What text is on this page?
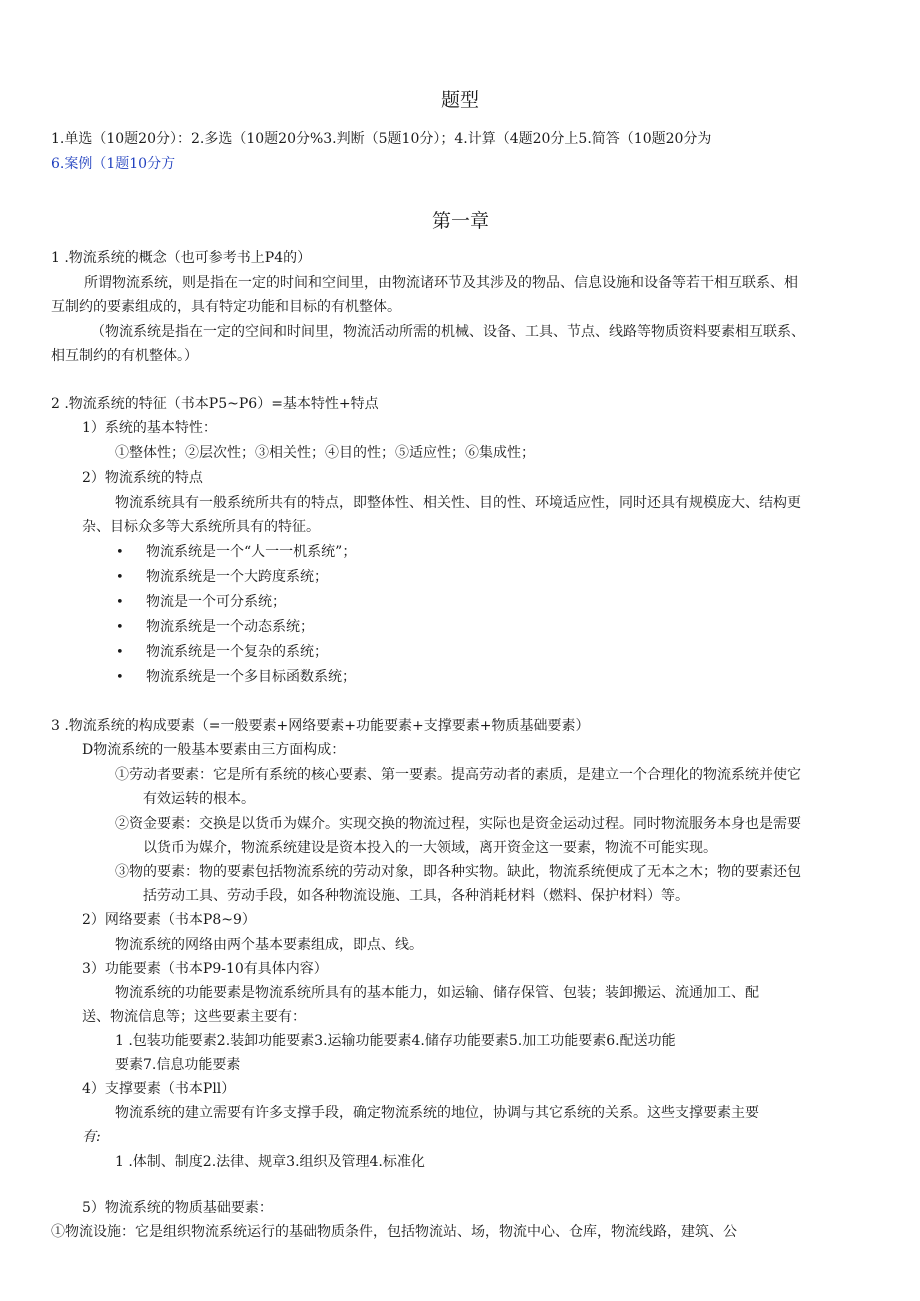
题型
1.单选（10题20分）：2.多选（10题20分%3.判断（5题10分）；4.计算（4题20分上5.简答（10题20分为
6.案例（1题10分方
第一章
1 .物流系统的概念（也可参考书上P4的）
所谓物流系统，则是指在一定的时间和空间里，由物流诸环节及其涉及的物品、信息设施和设备等若干相互联系、相
互制约的要素组成的，具有特定功能和目标的有机整体。
（物流系统是指在一定的空间和时间里，物流活动所需的机械、设备、工具、节点、线路等物质资料要素相互联系、
相互制约的有机整体。）
2 .物流系统的特征（书本P5~P6）=基本特性+特点
1）系统的基本特性：
①整体性；②层次性；③相关性；④目的性；⑤适应性；⑥集成性；
2）物流系统的特点
物流系统具有一般系统所共有的特点，即整体性、相关性、目的性、环境适应性，同时还具有规模庞大、结构更
杂、目标众多等大系统所具有的特征。
• 物流系统是一个“人一一机系统”；
• 物流系统是一个大跨度系统；
• 物流是一个可分系统；
• 物流系统是一个动态系统；
• 物流系统是一个复杂的系统；
• 物流系统是一个多目标函数系统；
3 .物流系统的构成要素（=一般要素+网络要素+功能要素+支撑要素+物质基础要素）
D物流系统的一般基本要素由三方面构成：
①劳动者要素：它是所有系统的核心要素、第一要素。提高劳动者的素质，是建立一个合理化的物流系统并使它
有效运转的根本。
②资金要素：交换是以货币为媒介。实现交换的物流过程，实际也是资金运动过程。同时物流服务本身也是需要
以货币为媒介，物流系统建设是资本投入的一大领域，离开资金这一要素，物流不可能实现。
③物的要素：物的要素包括物流系统的劳动对象，即各种实物。缺此，物流系统便成了无本之木；物的要素还包
括劳动工具、劳动手段，如各种物流设施、工具，各种消耗材料（燃料、保护材料）等。
2）网络要素（书本P8~9）
物流系统的网络由两个基本要素组成，即点、线。
3）功能要素（书本P9-10有具体内容）
物流系统的功能要素是物流系统所具有的基本能力，如运输、储存保管、包装；装卸搬运、流通加工、配
送、物流信息等；这些要素主要有：
1 .包装功能要素2.装卸功能要素3.运输功能要素4.储存功能要素5.加工功能要素6.配送功能
要素7.信息功能要素
4）支撑要素（书本Pll）
物流系统的建立需要有许多支撑手段，确定物流系统的地位，协调与其它系统的关系。这些支撑要素主要
有:
1 .体制、制度2.法律、规章3.组织及管理4.标准化
5）物流系统的物质基础要素：
①物流设施：它是组织物流系统运行的基础物质条件，包括物流站、场，物流中心、仓库，物流线路，建筑、公
